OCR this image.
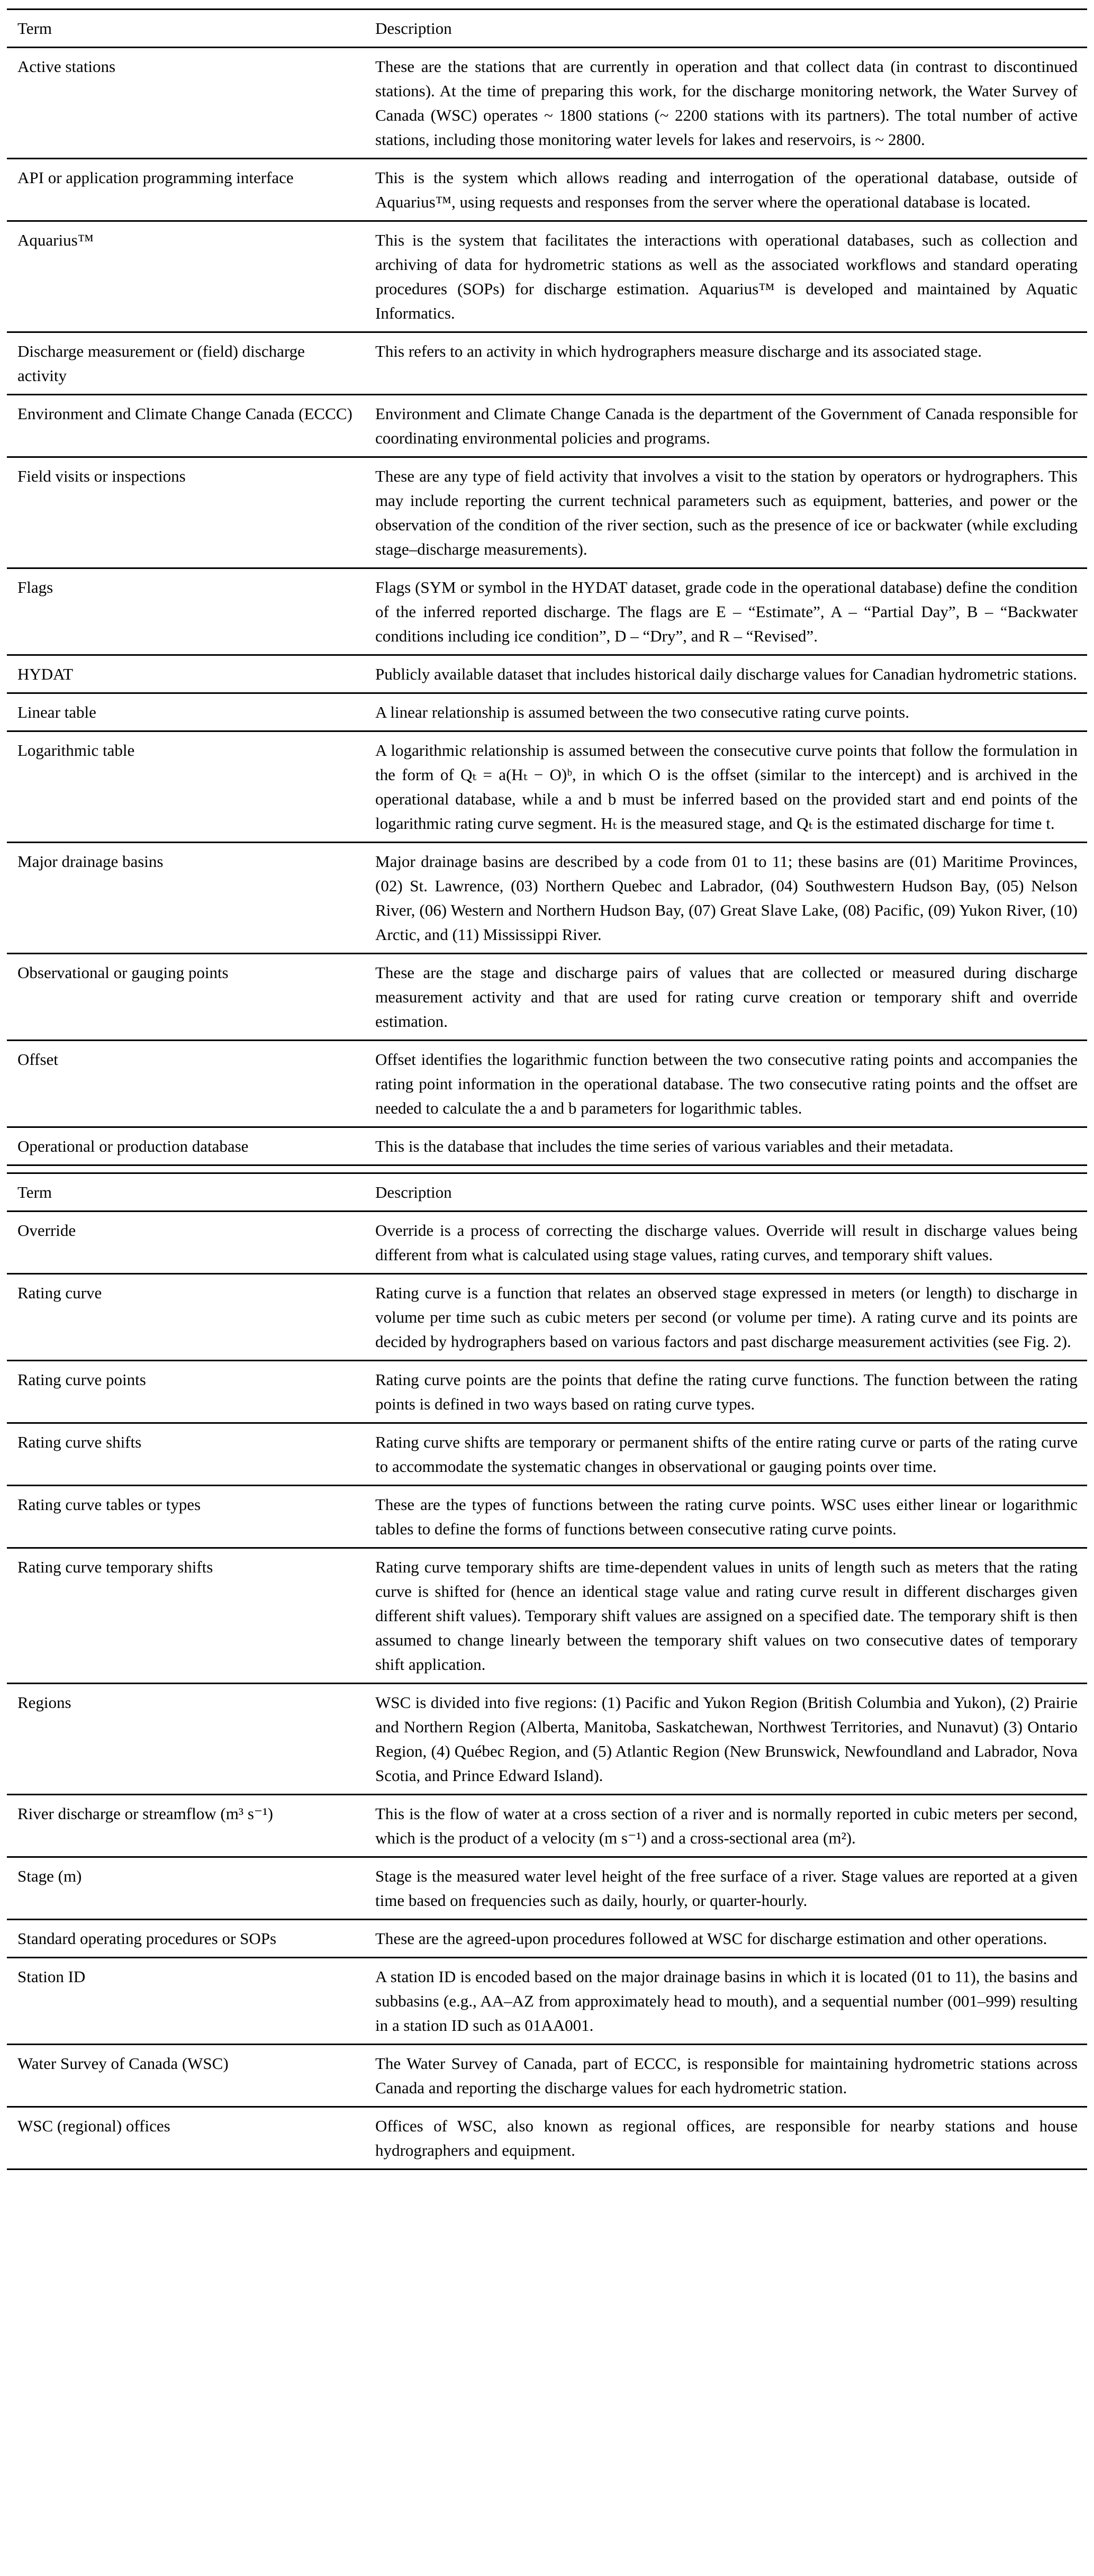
Term	Description
Active stations	These are the stations that are currently in operation and that collect data (in contrast to discontinued stations). At the time of preparing this work, for the discharge monitoring network, the Water Survey of Canada (WSC) operates ~ 1800 stations (~ 2200 stations with its partners). The total number of active stations, including those monitoring water levels for lakes and reservoirs, is ~ 2800.
API or application programming interface	This is the system which allows reading and interrogation of the operational database, outside of Aquarius™, using requests and responses from the server where the operational database is located.
Aquarius™	This is the system that facilitates the interactions with operational databases, such as collection and archiving of data for hydrometric stations as well as the associated workflows and standard operating procedures (SOPs) for discharge estimation. Aquarius™ is developed and maintained by Aquatic Informatics.
Discharge measurement or (field) discharge activity	This refers to an activity in which hydrographers measure discharge and its associated stage.
Environment and Climate Change Canada (ECCC)	Environment and Climate Change Canada is the department of the Government of Canada responsible for coordinating environmental policies and programs.
Field visits or inspections	These are any type of field activity that involves a visit to the station by operators or hydrographers. This may include reporting the current technical parameters such as equipment, batteries, and power or the observation of the condition of the river section, such as the presence of ice or backwater (while excluding stage–discharge measurements).
Flags	Flags (SYM or symbol in the HYDAT dataset, grade code in the operational database) define the condition of the inferred reported discharge. The flags are E – “Estimate”, A – “Partial Day”, B – “Backwater conditions including ice condition”, D – “Dry”, and R – “Revised”.
HYDAT	Publicly available dataset that includes historical daily discharge values for Canadian hydrometric stations.
Linear table	A linear relationship is assumed between the two consecutive rating curve points.
Logarithmic table	A logarithmic relationship is assumed between the consecutive curve points that follow the formulation in the form of Qₜ = a(Hₜ − O)ᵇ, in which O is the offset (similar to the intercept) and is archived in the operational database, while a and b must be inferred based on the provided start and end points of the logarithmic rating curve segment. Hₜ is the measured stage, and Qₜ is the estimated discharge for time t.
Major drainage basins	Major drainage basins are described by a code from 01 to 11; these basins are (01) Maritime Provinces, (02) St. Lawrence, (03) Northern Quebec and Labrador, (04) Southwestern Hudson Bay, (05) Nelson River, (06) Western and Northern Hudson Bay, (07) Great Slave Lake, (08) Pacific, (09) Yukon River, (10) Arctic, and (11) Mississippi River.
Observational or gauging points	These are the stage and discharge pairs of values that are collected or measured during discharge measurement activity and that are used for rating curve creation or temporary shift and override estimation.
Offset	Offset identifies the logarithmic function between the two consecutive rating points and accompanies the rating point information in the operational database. The two consecutive rating points and the offset are needed to calculate the a and b parameters for logarithmic tables.
Operational or production database	This is the database that includes the time series of various variables and their metadata.
Term	Description
Override	Override is a process of correcting the discharge values. Override will result in discharge values being different from what is calculated using stage values, rating curves, and temporary shift values.
Rating curve	Rating curve is a function that relates an observed stage expressed in meters (or length) to discharge in volume per time such as cubic meters per second (or volume per time). A rating curve and its points are decided by hydrographers based on various factors and past discharge measurement activities (see Fig. 2).
Rating curve points	Rating curve points are the points that define the rating curve functions. The function between the rating points is defined in two ways based on rating curve types.
Rating curve shifts	Rating curve shifts are temporary or permanent shifts of the entire rating curve or parts of the rating curve to accommodate the systematic changes in observational or gauging points over time.
Rating curve tables or types	These are the types of functions between the rating curve points. WSC uses either linear or logarithmic tables to define the forms of functions between consecutive rating curve points.
Rating curve temporary shifts	Rating curve temporary shifts are time-dependent values in units of length such as meters that the rating curve is shifted for (hence an identical stage value and rating curve result in different discharges given different shift values). Temporary shift values are assigned on a specified date. The temporary shift is then assumed to change linearly between the temporary shift values on two consecutive dates of temporary shift application.
Regions	WSC is divided into five regions: (1) Pacific and Yukon Region (British Columbia and Yukon), (2) Prairie and Northern Region (Alberta, Manitoba, Saskatchewan, Northwest Territories, and Nunavut) (3) Ontario Region, (4) Québec Region, and (5) Atlantic Region (New Brunswick, Newfoundland and Labrador, Nova Scotia, and Prince Edward Island).
River discharge or streamflow (m³ s⁻¹)	This is the flow of water at a cross section of a river and is normally reported in cubic meters per second, which is the product of a velocity (m s⁻¹) and a cross-sectional area (m²).
Stage (m)	Stage is the measured water level height of the free surface of a river. Stage values are reported at a given time based on frequencies such as daily, hourly, or quarter-hourly.
Standard operating procedures or SOPs	These are the agreed-upon procedures followed at WSC for discharge estimation and other operations.
Station ID	A station ID is encoded based on the major drainage basins in which it is located (01 to 11), the basins and subbasins (e.g., AA–AZ from approximately head to mouth), and a sequential number (001–999) resulting in a station ID such as 01AA001.
Water Survey of Canada (WSC)	The Water Survey of Canada, part of ECCC, is responsible for maintaining hydrometric stations across Canada and reporting the discharge values for each hydrometric station.
WSC (regional) offices	Offices of WSC, also known as regional offices, are responsible for nearby stations and house hydrographers and equipment.
